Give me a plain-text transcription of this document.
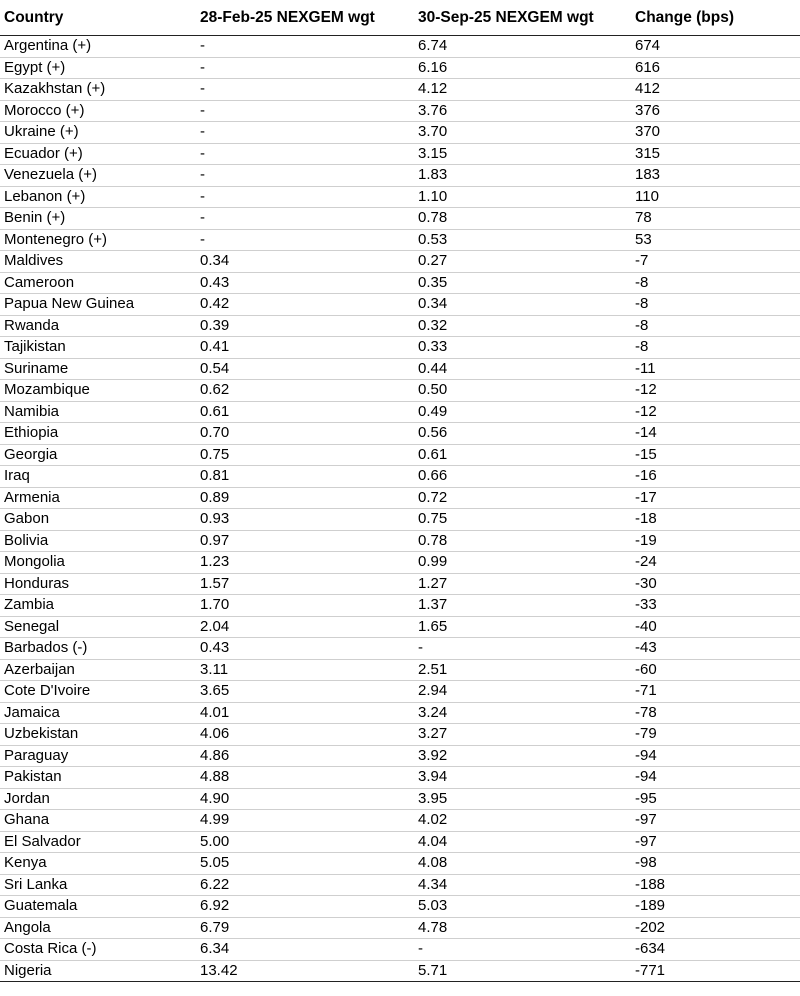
Country	28-Feb-25 NEXGEM wgt	30-Sep-25 NEXGEM wgt	Change (bps)
Argentina (+)	-	6.74	674
Egypt (+)	-	6.16	616
Kazakhstan (+)	-	4.12	412
Morocco (+)	-	3.76	376
Ukraine (+)	-	3.70	370
Ecuador (+)	-	3.15	315
Venezuela (+)	-	1.83	183
Lebanon (+)	-	1.10	110
Benin (+)	-	0.78	78
Montenegro (+)	-	0.53	53
Maldives	0.34	0.27	-7
Cameroon	0.43	0.35	-8
Papua New Guinea	0.42	0.34	-8
Rwanda	0.39	0.32	-8
Tajikistan	0.41	0.33	-8
Suriname	0.54	0.44	-11
Mozambique	0.62	0.50	-12
Namibia	0.61	0.49	-12
Ethiopia	0.70	0.56	-14
Georgia	0.75	0.61	-15
Iraq	0.81	0.66	-16
Armenia	0.89	0.72	-17
Gabon	0.93	0.75	-18
Bolivia	0.97	0.78	-19
Mongolia	1.23	0.99	-24
Honduras	1.57	1.27	-30
Zambia	1.70	1.37	-33
Senegal	2.04	1.65	-40
Barbados (-)	0.43	-	-43
Azerbaijan	3.11	2.51	-60
Cote D'Ivoire	3.65	2.94	-71
Jamaica	4.01	3.24	-78
Uzbekistan	4.06	3.27	-79
Paraguay	4.86	3.92	-94
Pakistan	4.88	3.94	-94
Jordan	4.90	3.95	-95
Ghana	4.99	4.02	-97
El Salvador	5.00	4.04	-97
Kenya	5.05	4.08	-98
Sri Lanka	6.22	4.34	-188
Guatemala	6.92	5.03	-189
Angola	6.79	4.78	-202
Costa Rica (-)	6.34	-	-634
Nigeria	13.42	5.71	-771
